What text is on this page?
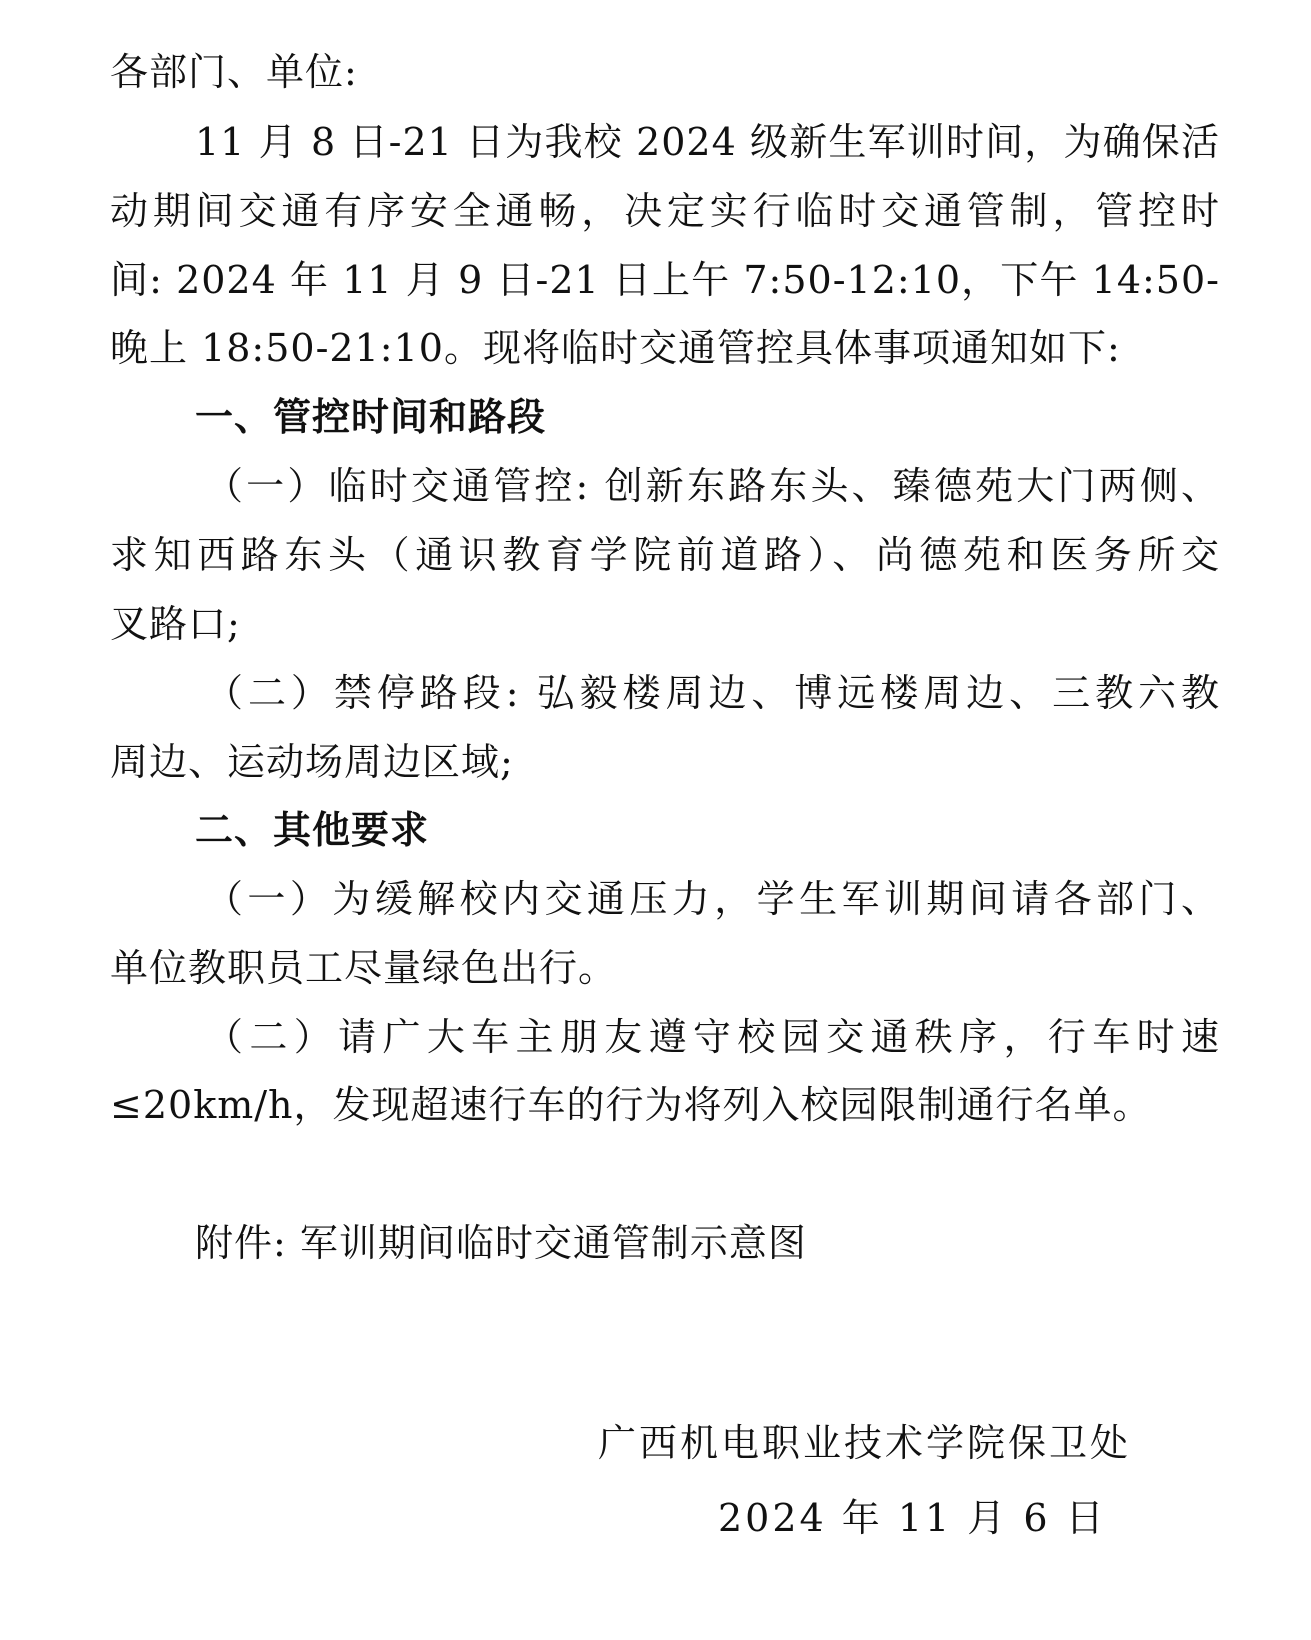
各部门、单位:
11 月 8 日-21 日为我校 2024 级新生军训时间，为确保活
动期间交通有序安全通畅，决定实行临时交通管制，管控时
间: 2024 年 11 月 9 日-21 日上午 7:50-12:10，下午 14:50-
晚上 18:50-21:10。现将临时交通管控具体事项通知如下:
一、管控时间和路段
（一）临时交通管控: 创新东路东头、臻德苑大门两侧、
求知西路东头（通识教育学院前道路）、尚德苑和医务所交
叉路口;
（二）禁停路段: 弘毅楼周边、博远楼周边、三教六教
周边、运动场周边区域;
二、其他要求
（一）为缓解校内交通压力，学生军训期间请各部门、
单位教职员工尽量绿色出行。
（二）请广大车主朋友遵守校园交通秩序，行车时速
≤20km/h，发现超速行车的行为将列入校园限制通行名单。
附件: 军训期间临时交通管制示意图
广西机电职业技术学院保卫处
2024 年 11 月 6 日
